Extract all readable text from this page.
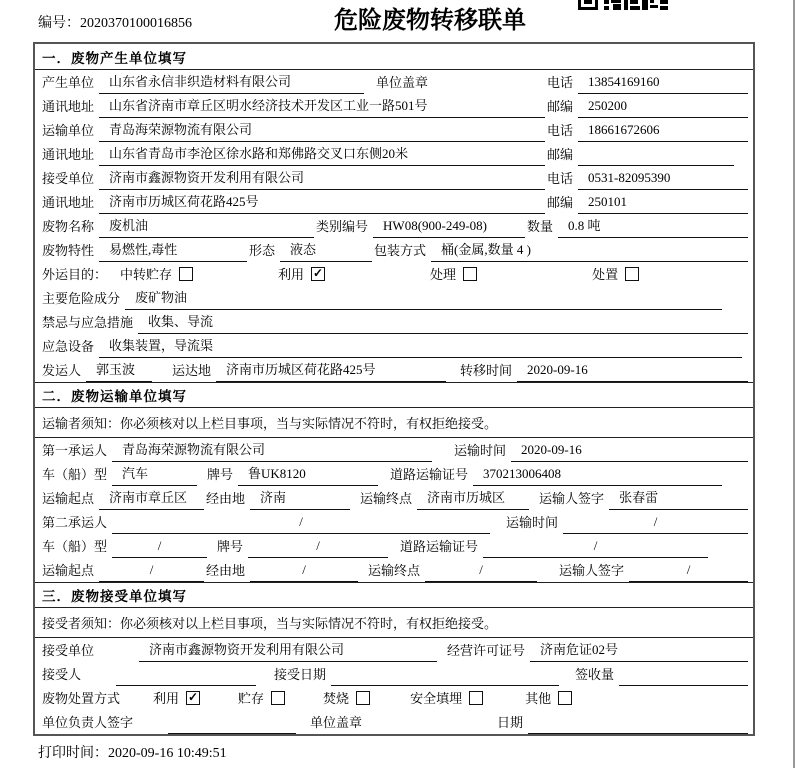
编号：2020370100016856	危险废物转移联单
一．废物产生单位填写
产生单位	山东省永信非织造材料有限公司	单位盖章	电话	13854169160
通讯地址	山东省济南市章丘区明水经济技术开发区工业一路501号	邮编	250200
运输单位	青岛海荣源物流有限公司	电话	18661672606
通讯地址	山东省青岛市李沧区徐水路和郑佛路交叉口东侧20米	邮编
接受单位	济南市鑫源物资开发利用有限公司	电话	0531-82095390
通讯地址	济南市历城区荷花路425号	邮编	250101
废物名称	废机油	类别编号	HW08(900-249-08)	数量	0.8 吨
废物特性	易燃性,毒性	形态	液态	包装方式	桶(金属,数量 4 )
外运目的：	中转贮存	利用 ✓	处理	处置
主要危险成分	废矿物油
禁忌与应急措施	收集、导流
应急设备	收集装置，导流渠
发运人	郭玉波	运达地	济南市历城区荷花路425号	转移时间	2020-09-16
二．废物运输单位填写
运输者须知：你必须核对以上栏目事项，当与实际情况不符时，有权拒绝接受。
第一承运人	青岛海荣源物流有限公司	运输时间	2020-09-16
车（船）型	汽车	牌号	鲁UK8120	道路运输证号	370213006408
运输起点	济南市章丘区	经由地	济南	运输终点	济南市历城区	运输人签字	张春雷
第二承运人	/	运输时间	/
车（船）型	/	牌号	/	道路运输证号	/
运输起点	/	经由地	/	运输终点	/	运输人签字	/
三．废物接受单位填写
接受者须知：你必须核对以上栏目事项，当与实际情况不符时，有权拒绝接受。
接受单位	济南市鑫源物资开发利用有限公司	经营许可证号	济南危证02号
接受人	接受日期	签收量
废物处置方式	利用 ✓	贮存	焚烧	安全填埋	其他
单位负责人签字	单位盖章	日期
打印时间：2020-09-16 10:49:51
